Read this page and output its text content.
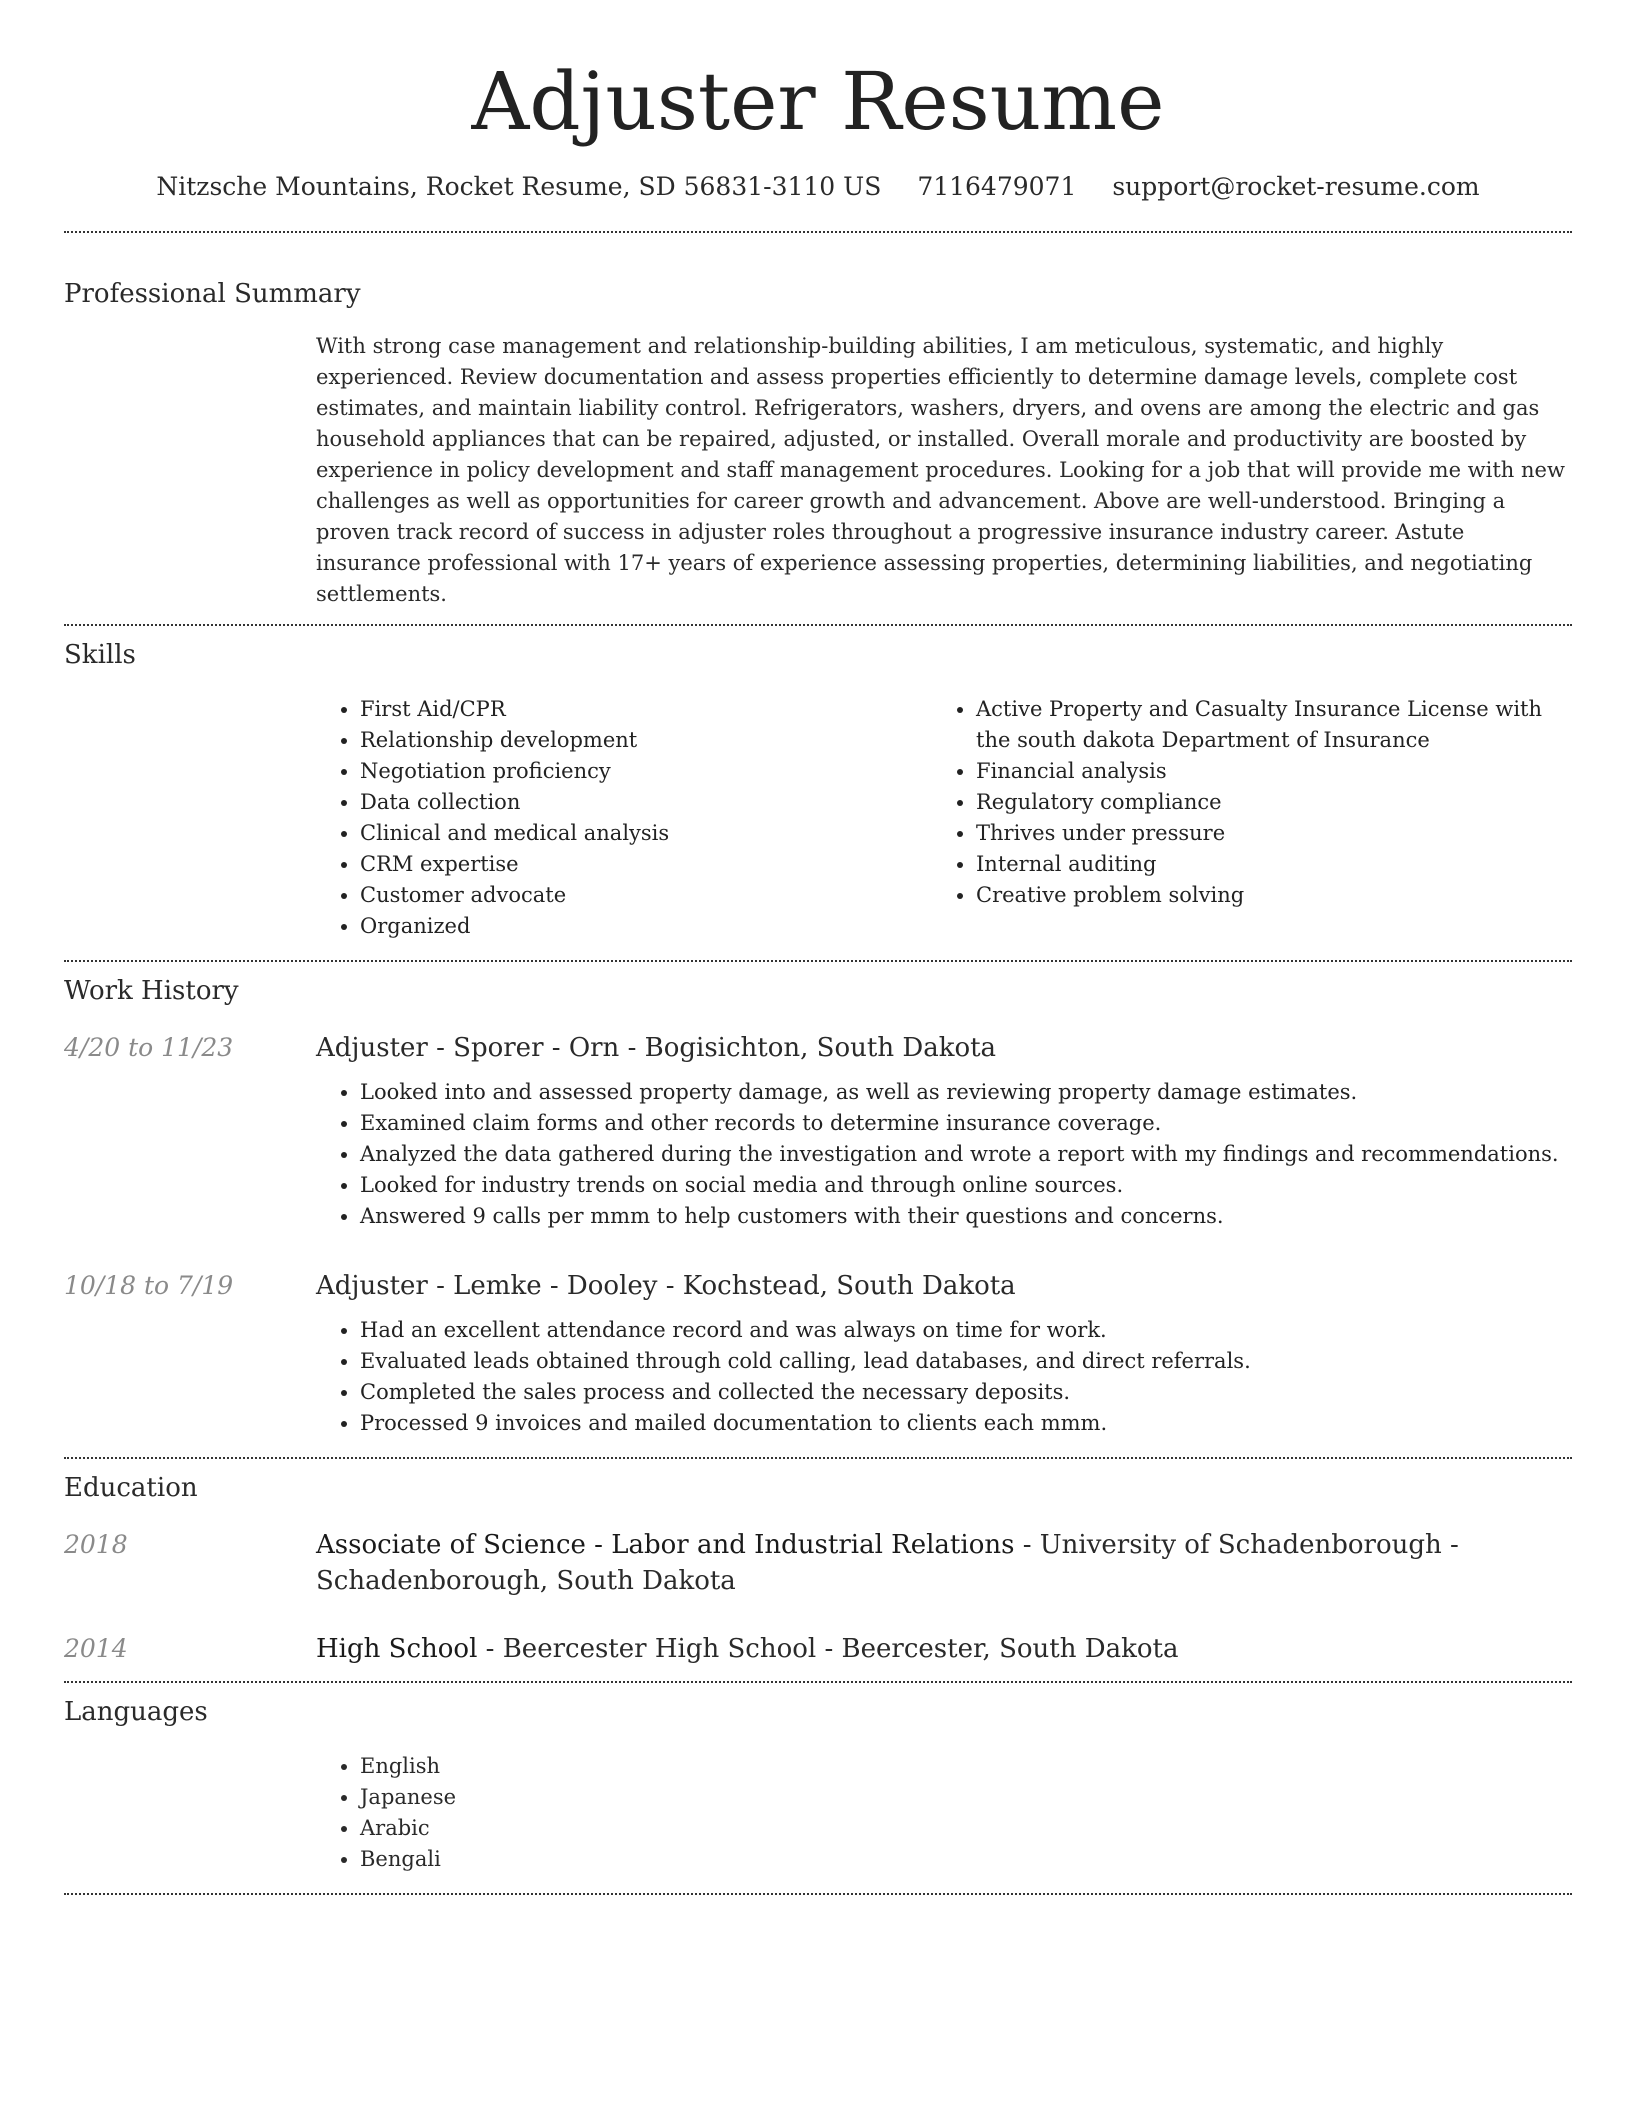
Adjuster Resume
Nitzsche Mountains, Rocket Resume, SD 56831-3110 US 7116479071 support@rocket-resume.com
Professional Summary

With strong case management and relationship-building abilities, I am meticulous, systematic, and highly experienced. Review documentation and assess properties efficiently to determine damage levels, complete cost estimates, and maintain liability control. Refrigerators, washers, dryers, and ovens are among the electric and gas household appliances that can be repaired, adjusted, or installed. Overall morale and productivity are boosted by experience in policy development and staff management procedures. Looking for a job that will provide me with new challenges as well as opportunities for career growth and advancement. Above are well-understood. Bringing a proven track record of success in adjuster roles throughout a progressive insurance industry career. Astute insurance professional with 17+ years of experience assessing properties, determining liabilities, and negotiating settlements.

Skills
• First Aid/CPR
• Relationship development
• Negotiation proficiency
• Data collection
• Clinical and medical analysis
• CRM expertise
• Customer advocate
• Organized
• Active Property and Casualty Insurance License with the south dakota Department of Insurance
• Financial analysis
• Regulatory compliance
• Thrives under pressure
• Internal auditing
• Creative problem solving
Work History
4/20 to 11/23	Adjuster - Sporer - Orn - Bogisichton, South Dakota
• Looked into and assessed property damage, as well as reviewing property damage estimates.
• Examined claim forms and other records to determine insurance coverage.
• Analyzed the data gathered during the investigation and wrote a report with my findings and recommendations.
• Looked for industry trends on social media and through online sources.
• Answered 9 calls per mmm to help customers with their questions and concerns.
10/18 to 7/19	Adjuster - Lemke - Dooley - Kochstead, South Dakota
• Had an excellent attendance record and was always on time for work.
• Evaluated leads obtained through cold calling, lead databases, and direct referrals.
• Completed the sales process and collected the necessary deposits.
• Processed 9 invoices and mailed documentation to clients each mmm.
Education
2018	Associate of Science - Labor and Industrial Relations - University of Schadenborough - Schadenborough, South Dakota
2014	High School - Beercester High School - Beercester, South Dakota
Languages
• English
• Japanese
• Arabic
• Bengali
